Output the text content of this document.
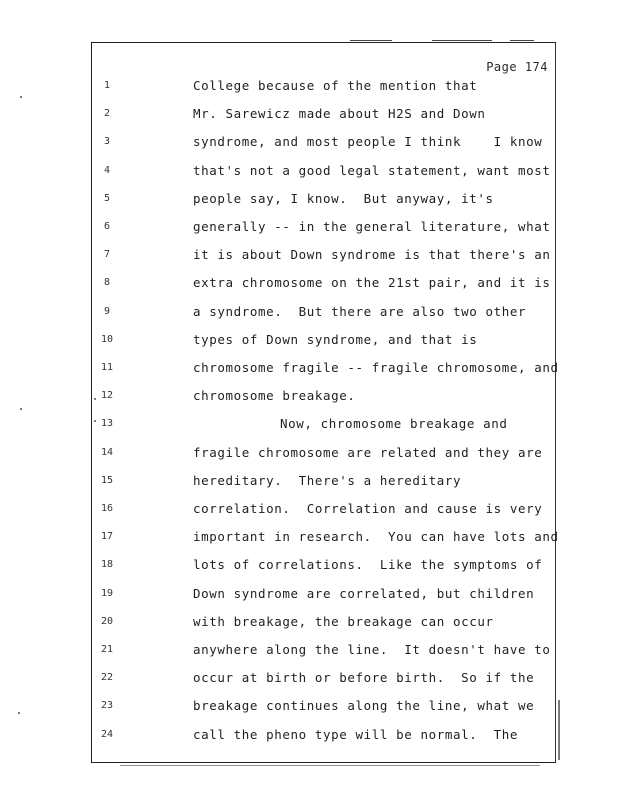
Page 174
1	College because of the mention that
2	Mr. Sarewicz made about H2S and Down
3	syndrome, and most people I think    I know
4	that's not a good legal statement, want most
5	people say, I know.  But anyway, it's
6	generally -- in the general literature, what
7	it is about Down syndrome is that there's an
8	extra chromosome on the 21st pair, and it is
9	a syndrome.  But there are also two other
10	types of Down syndrome, and that is
11	chromosome fragile -- fragile chromosome, and
12	chromosome breakage.
13	Now, chromosome breakage and
14	fragile chromosome are related and they are
15	hereditary.  There's a hereditary
16	correlation.  Correlation and cause is very
17	important in research.  You can have lots and
18	lots of correlations.  Like the symptoms of
19	Down syndrome are correlated, but children
20	with breakage, the breakage can occur
21	anywhere along the line.  It doesn't have to
22	occur at birth or before birth.  So if the
23	breakage continues along the line, what we
24	call the pheno type will be normal.  The
